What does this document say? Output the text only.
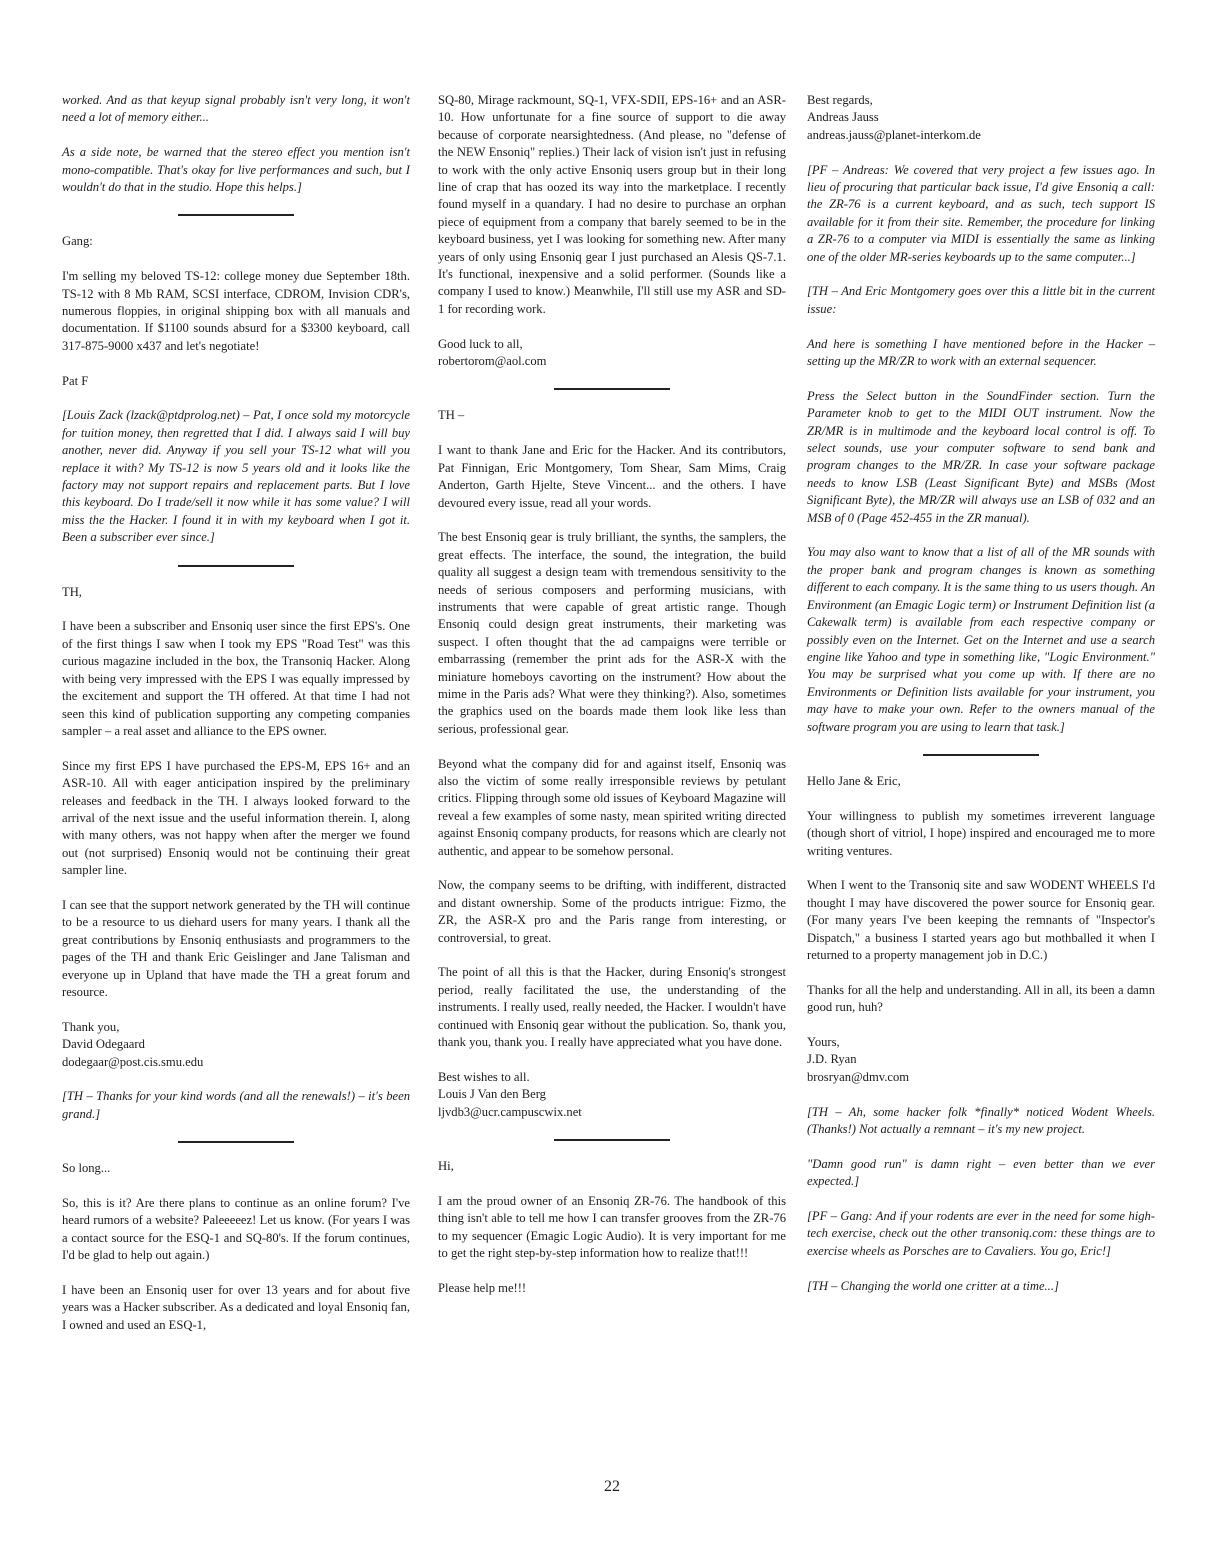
worked. And as that keyup signal probably isn't very long, it won't need a lot of memory either...

As a side note, be warned that the stereo effect you mention isn't mono-compatible. That's okay for live performances and such, but I wouldn't do that in the studio. Hope this helps.]

Gang:

I'm selling my beloved TS-12: college money due September 18th. TS-12 with 8 Mb RAM, SCSI interface, CDROM, Invision CDR's, numerous floppies, in original shipping box with all manuals and documentation. If $1100 sounds absurd for a $3300 keyboard, call 317-875-9000 x437 and let's negotiate!

Pat F

[Louis Zack (lzack@ptdprolog.net) – Pat, I once sold my motorcycle for tuition money, then regretted that I did. I always said I will buy another, never did. Anyway if you sell your TS-12 what will you replace it with? My TS-12 is now 5 years old and it looks like the factory may not support repairs and replacement parts. But I love this keyboard. Do I trade/sell it now while it has some value? I will miss the the Hacker. I found it in with my keyboard when I got it. Been a subscriber ever since.]

TH,

I have been a subscriber and Ensoniq user since the first EPS's. One of the first things I saw when I took my EPS "Road Test" was this curious magazine included in the box, the Transoniq Hacker. Along with being very impressed with the EPS I was equally impressed by the excitement and support the TH offered. At that time I had not seen this kind of publication supporting any competing companies sampler – a real asset and alliance to the EPS owner.

Since my first EPS I have purchased the EPS-M, EPS 16+ and an ASR-10. All with eager anticipation inspired by the preliminary releases and feedback in the TH. I always looked forward to the arrival of the next issue and the useful information therein. I, along with many others, was not happy when after the merger we found out (not surprised) Ensoniq would not be continuing their great sampler line.

I can see that the support network generated by the TH will continue to be a resource to us diehard users for many years. I thank all the great contributions by Ensoniq enthusiasts and programmers to the pages of the TH and thank Eric Geislinger and Jane Talisman and everyone up in Upland that have made the TH a great forum and resource.

Thank you,
David Odegaard
dodegaar@post.cis.smu.edu

[TH – Thanks for your kind words (and all the renewals!) – it's been grand.]

So long...

So, this is it? Are there plans to continue as an online forum? I've heard rumors of a website? Paleeeeez! Let us know. (For years I was a contact source for the ESQ-1 and SQ-80's. If the forum continues, I'd be glad to help out again.)

I have been an Ensoniq user for over 13 years and for about five years was a Hacker subscriber. As a dedicated and loyal Ensoniq fan, I owned and used an ESQ-1,

SQ-80, Mirage rackmount, SQ-1, VFX-SDII, EPS-16+ and an ASR-10. How unfortunate for a fine source of support to die away because of corporate nearsightedness. (And please, no "defense of the NEW Ensoniq" replies.) Their lack of vision isn't just in refusing to work with the only active Ensoniq users group but in their long line of crap that has oozed its way into the marketplace. I recently found myself in a quandary. I had no desire to purchase an orphan piece of equipment from a company that barely seemed to be in the keyboard business, yet I was looking for something new. After many years of only using Ensoniq gear I just purchased an Alesis QS-7.1. It's functional, inexpensive and a solid performer. (Sounds like a company I used to know.) Meanwhile, I'll still use my ASR and SD-1 for recording work.

Good luck to all,
robertorom@aol.com

TH –

I want to thank Jane and Eric for the Hacker. And its contributors, Pat Finnigan, Eric Montgomery, Tom Shear, Sam Mims, Craig Anderton, Garth Hjelte, Steve Vincent... and the others. I have devoured every issue, read all your words.

The best Ensoniq gear is truly brilliant, the synths, the samplers, the great effects. The interface, the sound, the integration, the build quality all suggest a design team with tremendous sensitivity to the needs of serious composers and performing musicians, with instruments that were capable of great artistic range. Though Ensoniq could design great instruments, their marketing was suspect. I often thought that the ad campaigns were terrible or embarrassing (remember the print ads for the ASR-X with the miniature homeboys cavorting on the instrument? How about the mime in the Paris ads? What were they thinking?). Also, sometimes the graphics used on the boards made them look like less than serious, professional gear.

Beyond what the company did for and against itself, Ensoniq was also the victim of some really irresponsible reviews by petulant critics. Flipping through some old issues of Keyboard Magazine will reveal a few examples of some nasty, mean spirited writing directed against Ensoniq company products, for reasons which are clearly not authentic, and appear to be somehow personal.

Now, the company seems to be drifting, with indifferent, distracted and distant ownership. Some of the products intrigue: Fizmo, the ZR, the ASR-X pro and the Paris range from interesting, or controversial, to great.

The point of all this is that the Hacker, during Ensoniq's strongest period, really facilitated the use, the understanding of the instruments. I really used, really needed, the Hacker. I wouldn't have continued with Ensoniq gear without the publication. So, thank you, thank you, thank you. I really have appreciated what you have done.

Best wishes to all.
Louis J Van den Berg
ljvdb3@ucr.campuscwix.net

Hi,

I am the proud owner of an Ensoniq ZR-76. The handbook of this thing isn't able to tell me how I can transfer grooves from the ZR-76 to my sequencer (Emagic Logic Audio). It is very important for me to get the right step-by-step information how to realize that!!!

Please help me!!!

Best regards,
Andreas Jauss
andreas.jauss@planet-interkom.de

[PF – Andreas: We covered that very project a few issues ago. In lieu of procuring that particular back issue, I'd give Ensoniq a call: the ZR-76 is a current keyboard, and as such, tech support IS available for it from their site. Remember, the procedure for linking a ZR-76 to a computer via MIDI is essentially the same as linking one of the older MR-series keyboards up to the same computer...]

[TH – And Eric Montgomery goes over this a little bit in the current issue:

And here is something I have mentioned before in the Hacker – setting up the MR/ZR to work with an external sequencer.

Press the Select button in the SoundFinder section. Turn the Parameter knob to get to the MIDI OUT instrument. Now the ZR/MR is in multimode and the keyboard local control is off. To select sounds, use your computer software to send bank and program changes to the MR/ZR. In case your software package needs to know LSB (Least Significant Byte) and MSBs (Most Significant Byte), the MR/ZR will always use an LSB of 032 and an MSB of 0 (Page 452-455 in the ZR manual).

You may also want to know that a list of all of the MR sounds with the proper bank and program changes is known as something different to each company. It is the same thing to us users though. An Environment (an Emagic Logic term) or Instrument Definition list (a Cakewalk term) is available from each respective company or possibly even on the Internet. Get on the Internet and use a search engine like Yahoo and type in something like, "Logic Environment." You may be surprised what you come up with. If there are no Environments or Definition lists available for your instrument, you may have to make your own. Refer to the owners manual of the software program you are using to learn that task.]

Hello Jane & Eric,

Your willingness to publish my sometimes irreverent language (though short of vitriol, I hope) inspired and encouraged me to more writing ventures.

When I went to the Transoniq site and saw WODENT WHEELS I'd thought I may have discovered the power source for Ensoniq gear. (For many years I've been keeping the remnants of "Inspector's Dispatch," a business I started years ago but mothballed it when I returned to a property management job in D.C.)

Thanks for all the help and understanding. All in all, its been a damn good run, huh?

Yours,
J.D. Ryan
brosryan@dmv.com

[TH – Ah, some hacker folk *finally* noticed Wodent Wheels. (Thanks!) Not actually a remnant – it's my new project.

"Damn good run" is damn right – even better than we ever expected.]

[PF – Gang: And if your rodents are ever in the need for some high-tech exercise, check out the other transoniq.com: these things are to exercise wheels as Porsches are to Cavaliers. You go, Eric!]

[TH – Changing the world one critter at a time...]

22
